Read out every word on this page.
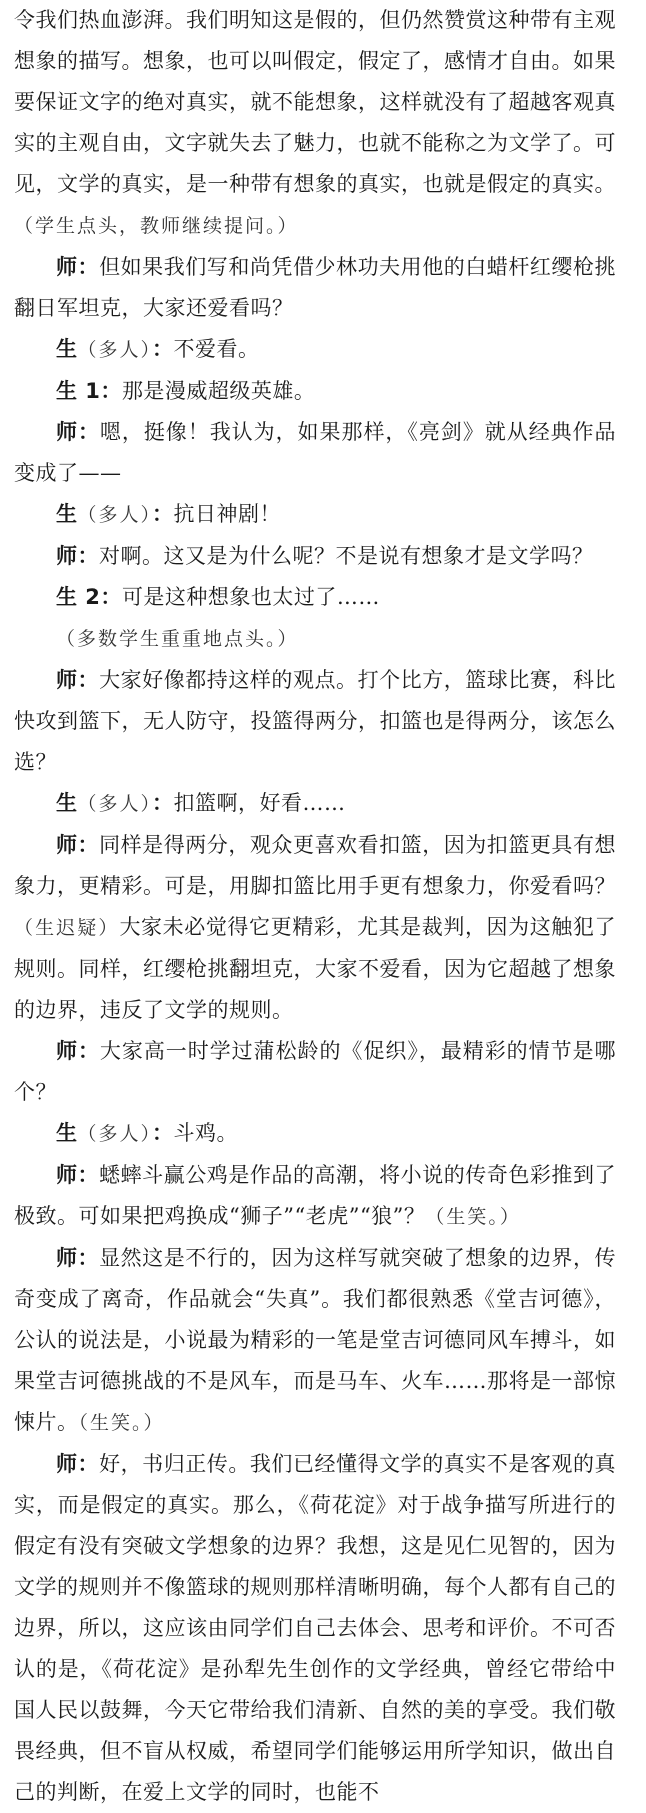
令我们热血澎湃。我们明知这是假的，但仍然赞赏这种带有主观想象的描写。想象，也可以叫假定，假定了，感情才自由。如果要保证文字的绝对真实，就不能想象，这样就没有了超越客观真实的主观自由，文字就失去了魅力，也就不能称之为文学了。可见，文学的真实，是一种带有想象的真实，也就是假定的真实。（学生点头，教师继续提问。）

师：但如果我们写和尚凭借少林功夫用他的白蜡杆红缨枪挑翻日军坦克，大家还爱看吗？

生（多人）：不爱看。

生 1：那是漫威超级英雄。

师：嗯，挺像！我认为，如果那样，《亮剑》就从经典作品变成了——

生（多人）：抗日神剧！

师：对啊。这又是为什么呢？不是说有想象才是文学吗？

生 2：可是这种想象也太过了……

（多数学生重重地点头。）

师：大家好像都持这样的观点。打个比方，篮球比赛，科比快攻到篮下，无人防守，投篮得两分，扣篮也是得两分，该怎么选？

生（多人）：扣篮啊，好看……

师：同样是得两分，观众更喜欢看扣篮，因为扣篮更具有想象力，更精彩。可是，用脚扣篮比用手更有想象力，你爱看吗？（生迟疑）大家未必觉得它更精彩，尤其是裁判，因为这触犯了规则。同样，红缨枪挑翻坦克，大家不爱看，因为它超越了想象的边界，违反了文学的规则。

师：大家高一时学过蒲松龄的《促织》，最精彩的情节是哪个？

生（多人）：斗鸡。

师：蟋蟀斗赢公鸡是作品的高潮，将小说的传奇色彩推到了极致。可如果把鸡换成“狮子”“老虎”“狼”？（生笑。）

师：显然这是不行的，因为这样写就突破了想象的边界，传奇变成了离奇，作品就会“失真”。我们都很熟悉《堂吉诃德》，公认的说法是，小说最为精彩的一笔是堂吉诃德同风车搏斗，如果堂吉诃德挑战的不是风车，而是马车、火车……那将是一部惊悚片。（生笑。）

师：好，书归正传。我们已经懂得文学的真实不是客观的真实，而是假定的真实。那么，《荷花淀》对于战争描写所进行的假定有没有突破文学想象的边界？我想，这是见仁见智的，因为文学的规则并不像篮球的规则那样清晰明确，每个人都有自己的边界，所以，这应该由同学们自己去体会、思考和评价。不可否认的是，《荷花淀》是孙犁先生创作的文学经典，曾经它带给中国人民以鼓舞，今天它带给我们清新、自然的美的享受。我们敬畏经典，但不盲从权威，希望同学们能够运用所学知识，做出自己的判断，在爱上文学的同时，也能不
